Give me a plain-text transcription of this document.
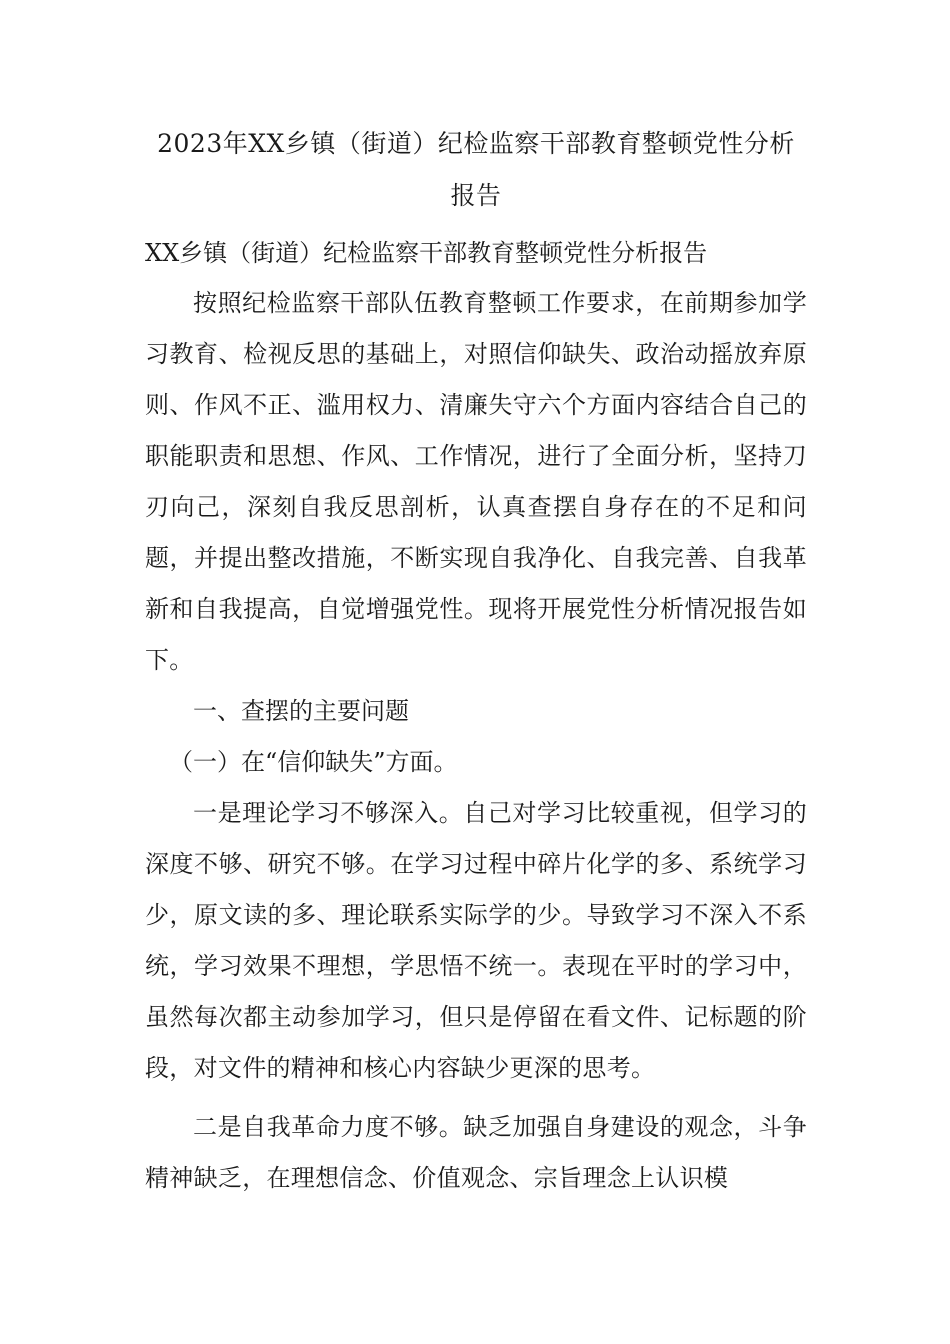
2023年XX乡镇（街道）纪检监察干部教育整顿党性分析报告

XX乡镇（街道）纪检监察干部教育整顿党性分析报告

按照纪检监察干部队伍教育整顿工作要求，在前期参加学习教育、检视反思的基础上，对照信仰缺失、政治动摇放弃原则、作风不正、滥用权力、清廉失守六个方面内容结合自己的职能职责和思想、作风、工作情况，进行了全面分析，坚持刀刃向己，深刻自我反思剖析，认真查摆自身存在的不足和问题，并提出整改措施，不断实现自我净化、自我完善、自我革新和自我提高，自觉增强党性。现将开展党性分析情况报告如下。

一、查摆的主要问题

（一）在“信仰缺失”方面。

一是理论学习不够深入。自己对学习比较重视，但学习的深度不够、研究不够。在学习过程中碎片化学的多、系统学习少，原文读的多、理论联系实际学的少。导致学习不深入不系统，学习效果不理想，学思悟不统一。表现在平时的学习中，虽然每次都主动参加学习，但只是停留在看文件、记标题的阶段，对文件的精神和核心内容缺少更深的思考。

二是自我革命力度不够。缺乏加强自身建设的观念，斗争精神缺乏，在理想信念、价值观念、宗旨理念上认识模
